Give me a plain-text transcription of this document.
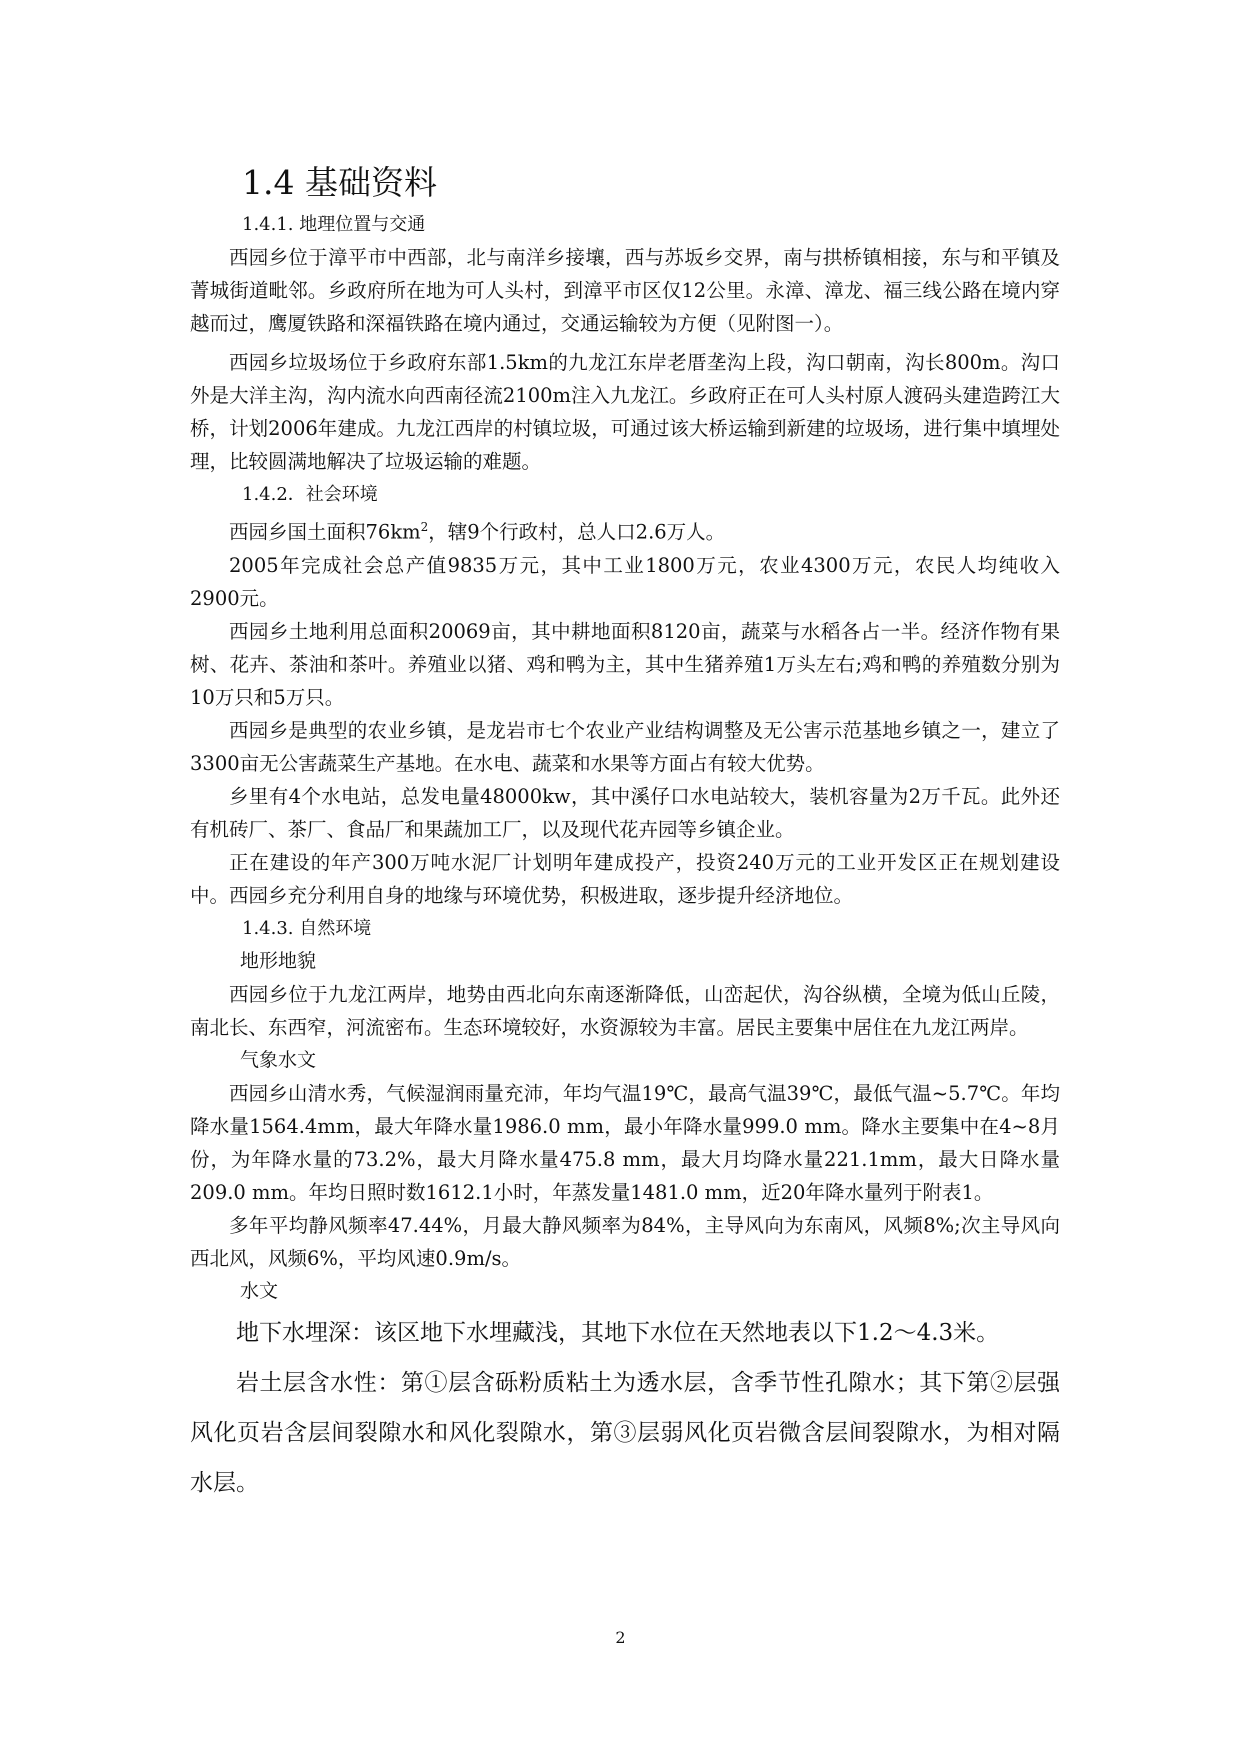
1.4 基础资料
1.4.1. 地理位置与交通

西园乡位于漳平市中西部，北与南洋乡接壤，西与苏坂乡交界，南与拱桥镇相接，东与和平镇及菁城街道毗邻。乡政府所在地为可人头村，到漳平市区仅12公里。永漳、漳龙、福三线公路在境内穿越而过，鹰厦铁路和深福铁路在境内通过，交通运输较为方便（见附图一）。

西园乡垃圾场位于乡政府东部1.5km的九龙江东岸老厝垄沟上段，沟口朝南，沟长800m。沟口外是大洋主沟，沟内流水向西南径流2100m注入九龙江。乡政府正在可人头村原人渡码头建造跨江大桥，计划2006年建成。九龙江西岸的村镇垃圾，可通过该大桥运输到新建的垃圾场，进行集中填埋处理，比较圆满地解决了垃圾运输的难题。

1.4.2．社会环境

西园乡国土面积$76km^2$，辖9个行政村，总人口2.6万人。

2005年完成社会总产值9835万元，其中工业1800万元，农业4300万元，农民人均纯收入2900元。

西园乡土地利用总面积20069亩，其中耕地面积8120亩，蔬菜与水稻各占一半。经济作物有果树、花卉、茶油和茶叶。养殖业以猪、鸡和鸭为主，其中生猪养殖1万头左右;鸡和鸭的养殖数分别为10万只和5万只。

西园乡是典型的农业乡镇，是龙岩市七个农业产业结构调整及无公害示范基地乡镇之一，建立了3300亩无公害蔬菜生产基地。在水电、蔬菜和水果等方面占有较大优势。

乡里有4个水电站，总发电量48000kw，其中溪仔口水电站较大，装机容量为2万千瓦。此外还有机砖厂、茶厂、食品厂和果蔬加工厂，以及现代花卉园等乡镇企业。

正在建设的年产300万吨水泥厂计划明年建成投产，投资240万元的工业开发区正在规划建设中。西园乡充分利用自身的地缘与环境优势，积极进取，逐步提升经济地位。

1.4.3. 自然环境
地形地貌

西园乡位于九龙江两岸，地势由西北向东南逐渐降低，山峦起伏，沟谷纵横，全境为低山丘陵，南北长、东西窄，河流密布。生态环境较好，水资源较为丰富。居民主要集中居住在九龙江两岸。

气象水文

西园乡山清水秀，气候湿润雨量充沛，年均气温19℃，最高气温39℃，最低气温~5.7℃。年均降水量1564.4mm，最大年降水量1986.0 mm，最小年降水量999.0 mm。降水主要集中在4~8月份，为年降水量的73.2%，最大月降水量475.8 mm，最大月均降水量221.1mm，最大日降水量209.0 mm。年均日照时数1612.1小时，年蒸发量1481.0 mm，近20年降水量列于附表1。

多年平均静风频率47.44%，月最大静风频率为84%，主导风向为东南风，风频8%;次主导风向西北风，风频6%，平均风速0.9m/s。

水文

地下水埋深：该区地下水埋藏浅，其地下水位在天然地表以下1.2～4.3米。

岩土层含水性：第①层含砾粉质粘土为透水层，含季节性孔隙水；其下第②层强风化页岩含层间裂隙水和风化裂隙水，第③层弱风化页岩微含层间裂隙水，为相对隔水层。

2
